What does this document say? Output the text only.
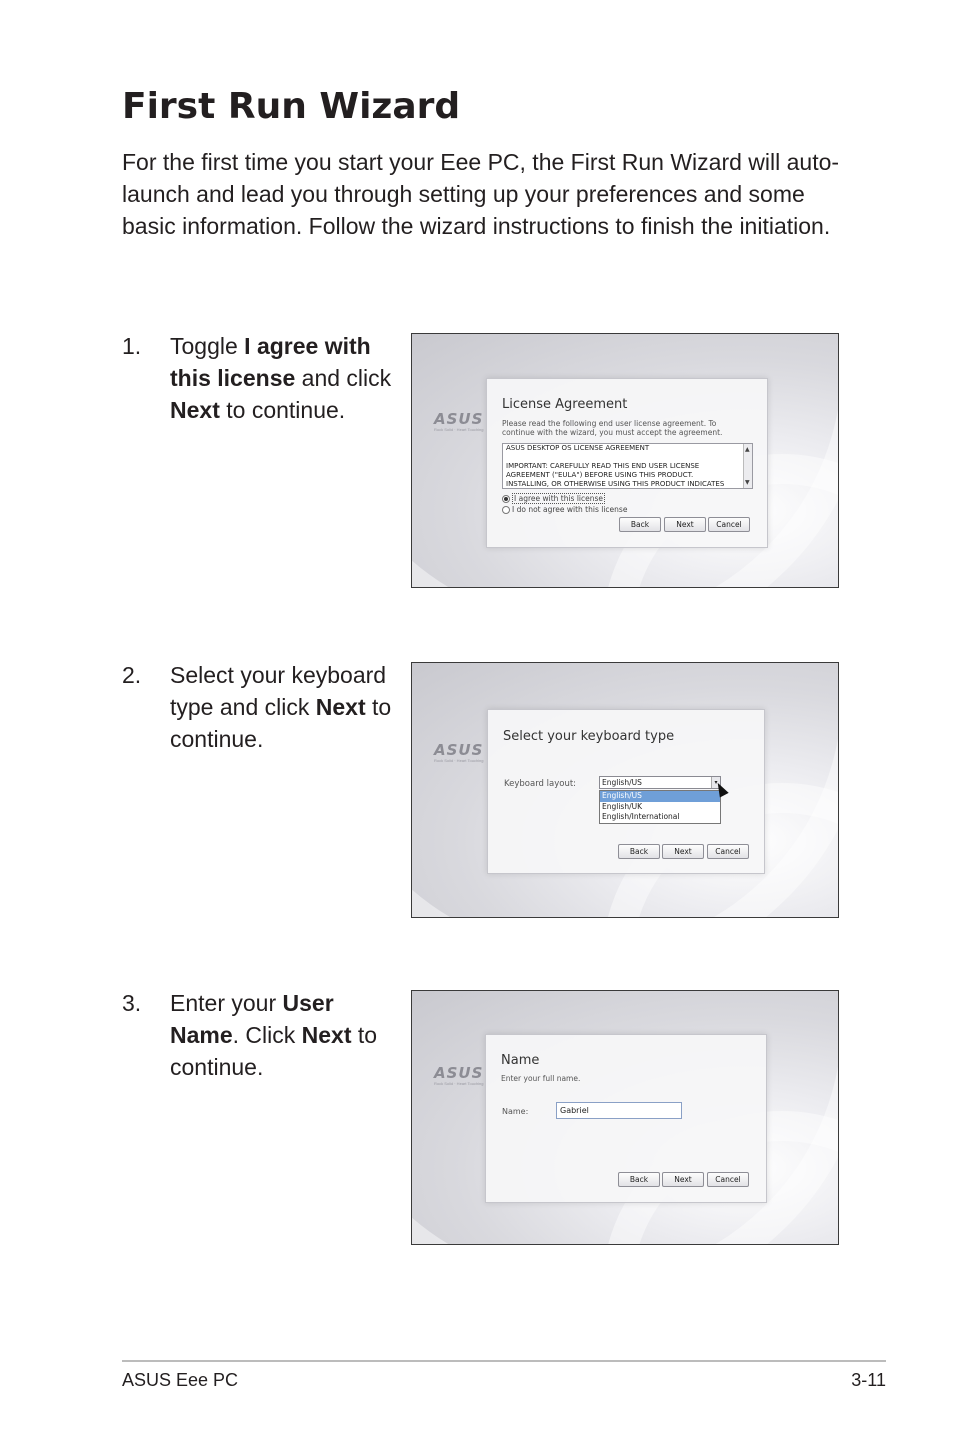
First Run Wizard

For the first time you start your Eee PC, the First Run Wizard will auto-launch and lead you through setting up your preferences and some basic information. Follow the wizard instructions to finish the initiation.

1. Toggle I agree with this license and click Next to continue.	ASUS
Rock Solid · Heart Touching
License Agreement
Please read the following end user license agreement. To continue with the wizard, you must accept the agreement.
ASUS DESKTOP OS LICENSE AGREEMENT

IMPORTANT: CAREFULLY READ THIS END USER LICENSE
AGREEMENT ("EULA") BEFORE USING THIS PRODUCT.
INSTALLING, OR OTHERWISE USING THIS PRODUCT INDICATES
▲
▼
I agree with this license
I do not agree with this license
Back	Next	Cancel
2. Select your keyboard type and click Next to continue.	ASUS
Rock Solid · Heart Touching
Select your keyboard type
Keyboard layout:	English/US	▾
English/US
English/UK
English/International
Back	Next	Cancel
3. Enter your User Name. Click Next to continue.	ASUS
Rock Solid · Heart Touching
Name
Enter your full name.
Name:	Gabriel
Back	Next	Cancel
ASUS Eee PC	3-11
